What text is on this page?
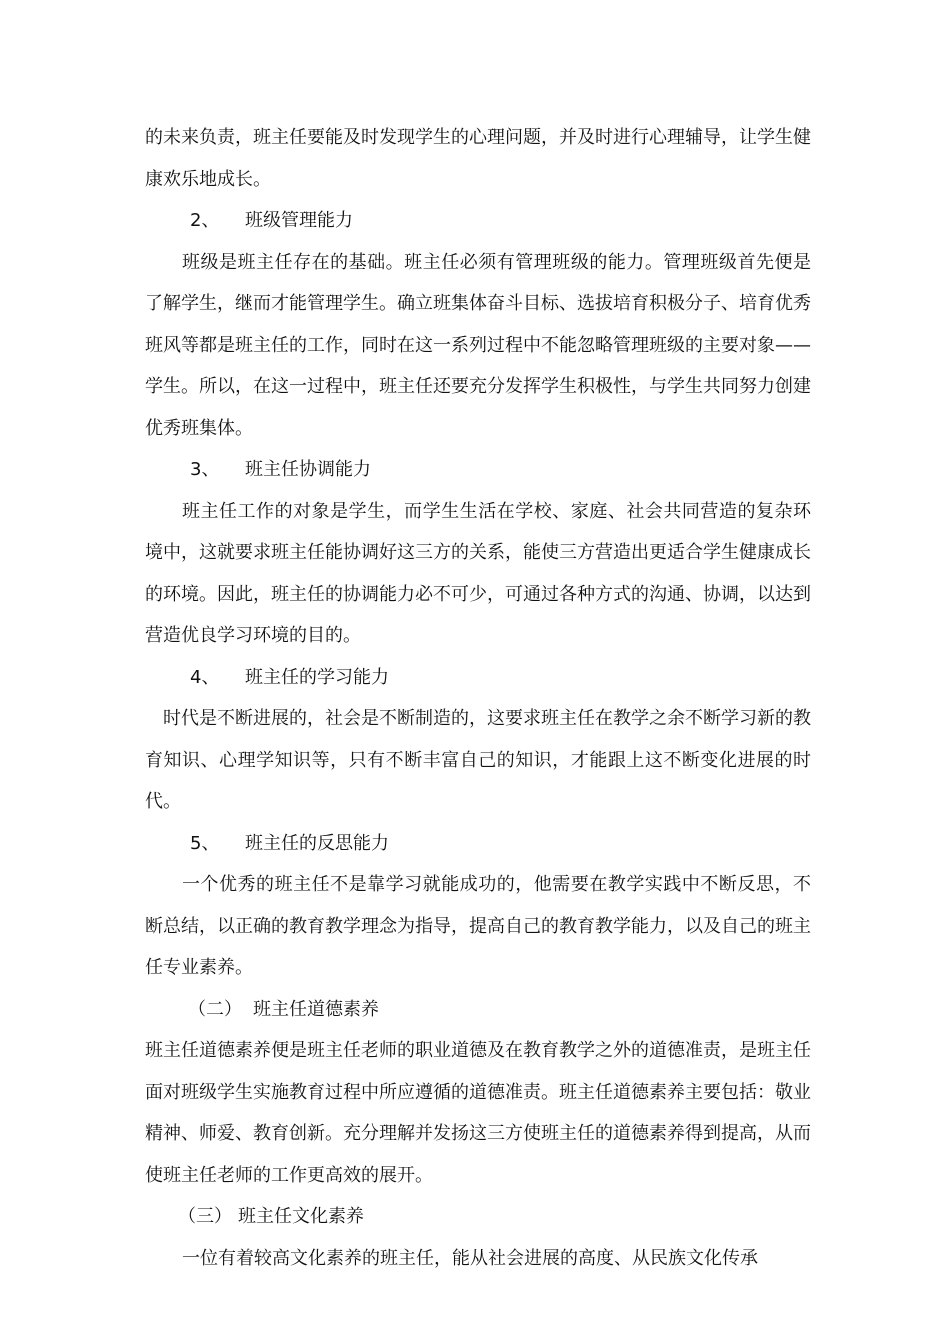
的未来负责，班主任要能及时发现学生的心理问题，并及时进行心理辅导，让学生健康欢乐地成长。

2、	班级管理能力

班级是班主任存在的基础。班主任必须有管理班级的能力。管理班级首先便是了解学生，继而才能管理学生。确立班集体奋斗目标、选拔培育积极分子、培育优秀班风等都是班主任的工作，同时在这一系列过程中不能忽略管理班级的主要对象——学生。所以，在这一过程中，班主任还要充分发挥学生积极性，与学生共同努力创建优秀班集体。

3、	班主任协调能力

班主任工作的对象是学生，而学生生活在学校、家庭、社会共同营造的复杂环境中，这就要求班主任能协调好这三方的关系，能使三方营造出更适合学生健康成长的环境。因此，班主任的协调能力必不可少，可通过各种方式的沟通、协调，以达到营造优良学习环境的目的。

4、	班主任的学习能力

时代是不断进展的，社会是不断制造的，这要求班主任在教学之余不断学习新的教育知识、心理学知识等，只有不断丰富自己的知识，才能跟上这不断变化进展的时代。

5、	班主任的反思能力

一个优秀的班主任不是靠学习就能成功的，他需要在教学实践中不断反思，不断总结，以正确的教育教学理念为指导，提高自己的教育教学能力，以及自己的班主任专业素养。

（二） 班主任道德素养

班主任道德素养便是班主任老师的职业道德及在教育教学之外的道德准责，是班主任面对班级学生实施教育过程中所应遵循的道德准责。班主任道德素养主要包括：敬业精神、师爱、教育创新。充分理解并发扬这三方使班主任的道德素养得到提高，从而使班主任老师的工作更高效的展开。

（三） 班主任文化素养

一位有着较高文化素养的班主任，能从社会进展的高度、从民族文化传承
